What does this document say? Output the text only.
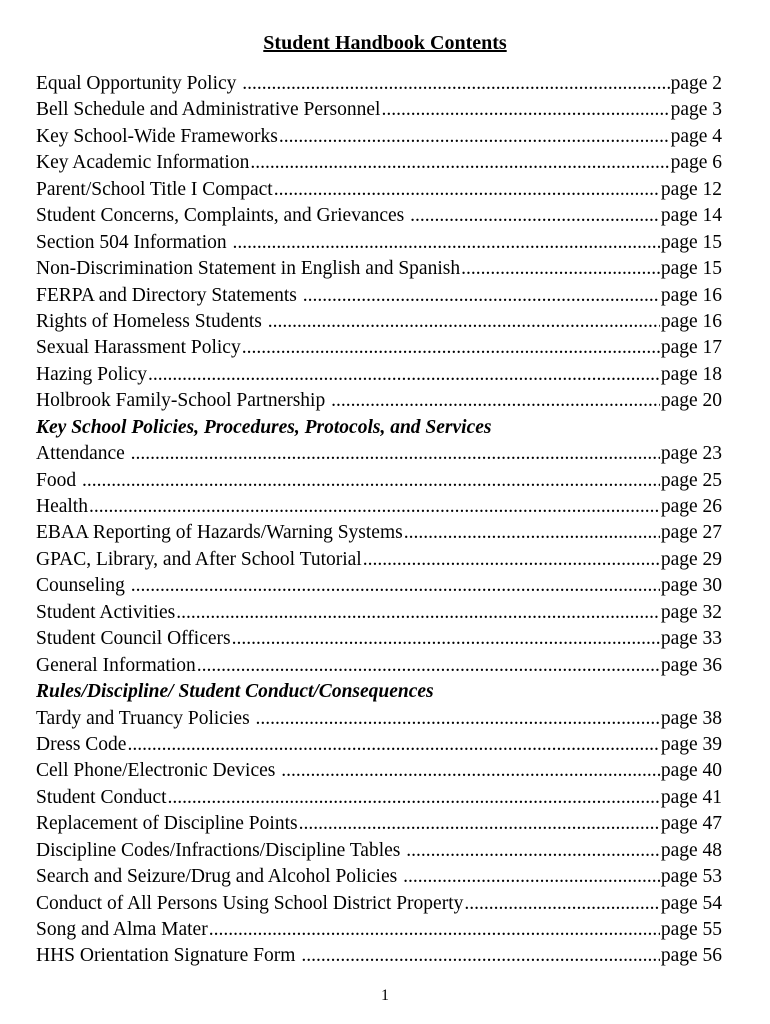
Student Handbook Contents
Equal Opportunity Policy .....	page 2
Bell Schedule and Administrative Personnel .....	page 3
Key School-Wide Frameworks .....	page 4
Key Academic Information .....	page 6
Parent/School Title I Compact .....	page 12
Student Concerns, Complaints, and Grievances .....	page 14
Section 504 Information .....	page 15
Non-Discrimination Statement in English and Spanish .....	page 15
FERPA and Directory Statements .....	page 16
Rights of Homeless Students .....	page 16
Sexual Harassment Policy .....	page 17
Hazing Policy .....	page 18
Holbrook Family-School Partnership .....	page 20
Key School Policies, Procedures, Protocols, and Services
Attendance .....	page 23
Food .....	page 25
Health .....	page 26
EBAA Reporting of Hazards/Warning Systems .....	page 27
GPAC, Library, and After School Tutorial .....	page 29
Counseling .....	page 30
Student Activities .....	page 32
Student Council Officers .....	page 33
General Information .....	page 36
Rules/Discipline/ Student Conduct/Consequences
Tardy and Truancy Policies .....	page 38
Dress Code .....	page 39
Cell Phone/Electronic Devices .....	page 40
Student Conduct .....	page 41
Replacement of Discipline Points .....	page 47
Discipline Codes/Infractions/Discipline Tables .....	page 48
Search and Seizure/Drug and Alcohol Policies .....	page 53
Conduct of All Persons Using School District Property .....	page 54
Song and Alma Mater .....	page 55
HHS Orientation Signature Form .....	page 56
1
